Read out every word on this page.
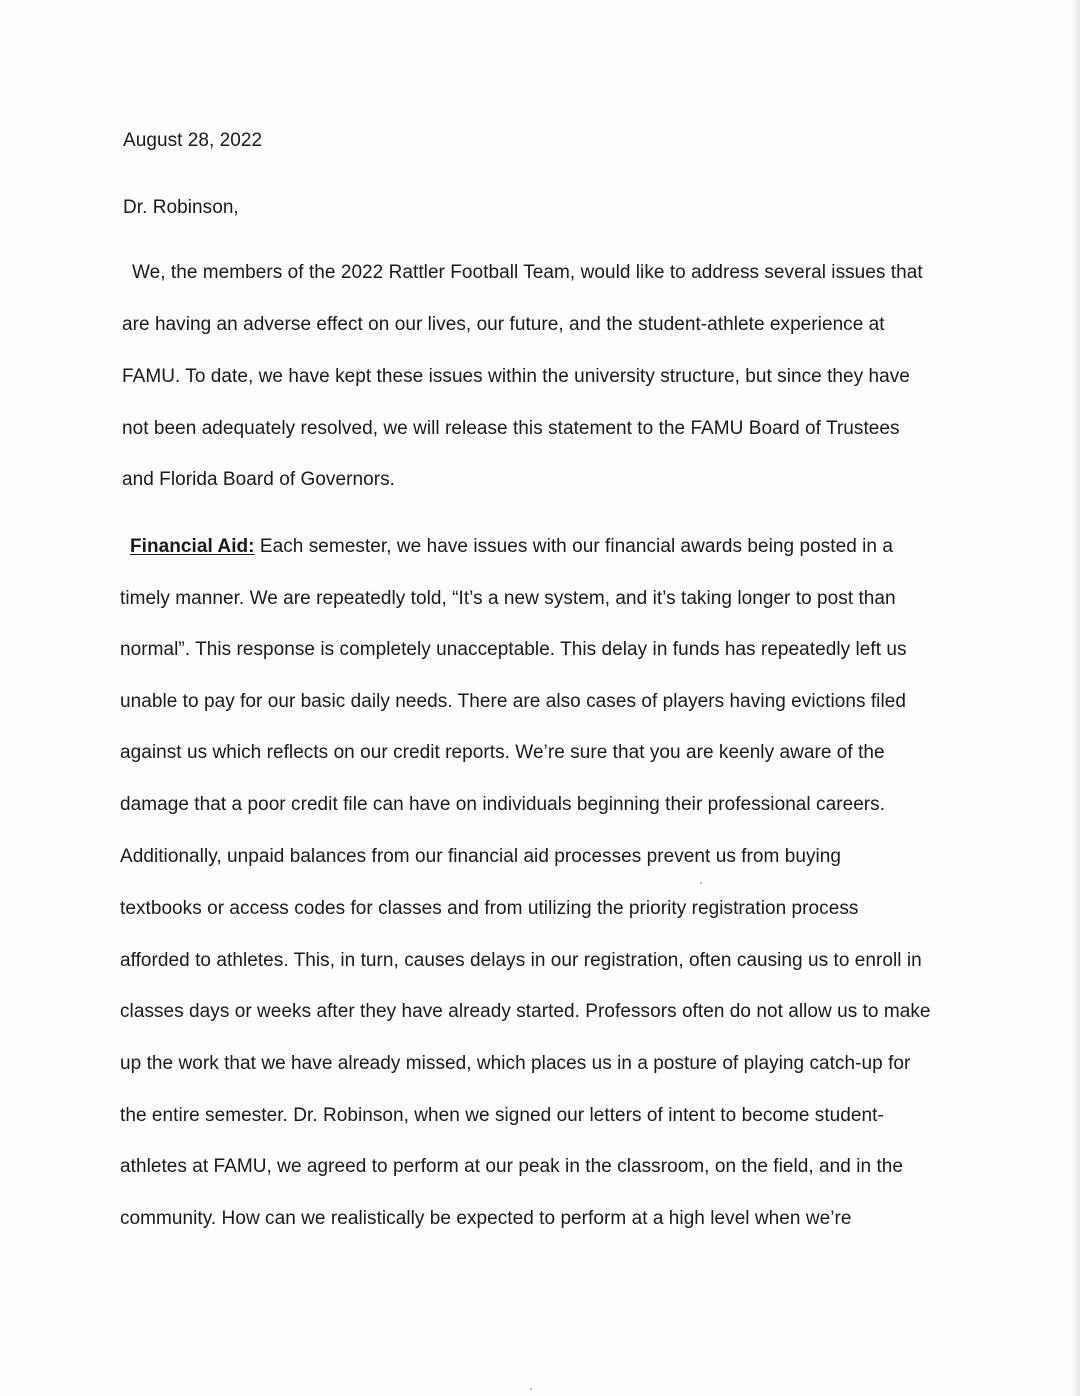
August 28, 2022
Dr. Robinson,
We, the members of the 2022 Rattler Football Team, would like to address several issues that
are having an adverse effect on our lives, our future, and the student-athlete experience at
FAMU. To date, we have kept these issues within the university structure, but since they have
not been adequately resolved, we will release this statement to the FAMU Board of Trustees
and Florida Board of Governors.
Financial Aid: Each semester, we have issues with our financial awards being posted in a
timely manner. We are repeatedly told, “It’s a new system, and it’s taking longer to post than
normal”. This response is completely unacceptable. This delay in funds has repeatedly left us
unable to pay for our basic daily needs. There are also cases of players having evictions filed
against us which reflects on our credit reports. We’re sure that you are keenly aware of the
damage that a poor credit file can have on individuals beginning their professional careers.
Additionally, unpaid balances from our financial aid processes prevent us from buying
textbooks or access codes for classes and from utilizing the priority registration process
afforded to athletes. This, in turn, causes delays in our registration, often causing us to enroll in
classes days or weeks after they have already started. Professors often do not allow us to make
up the work that we have already missed, which places us in a posture of playing catch-up for
the entire semester. Dr. Robinson, when we signed our letters of intent to become student-
athletes at FAMU, we agreed to perform at our peak in the classroom, on the field, and in the
community. How can we realistically be expected to perform at a high level when we’re
